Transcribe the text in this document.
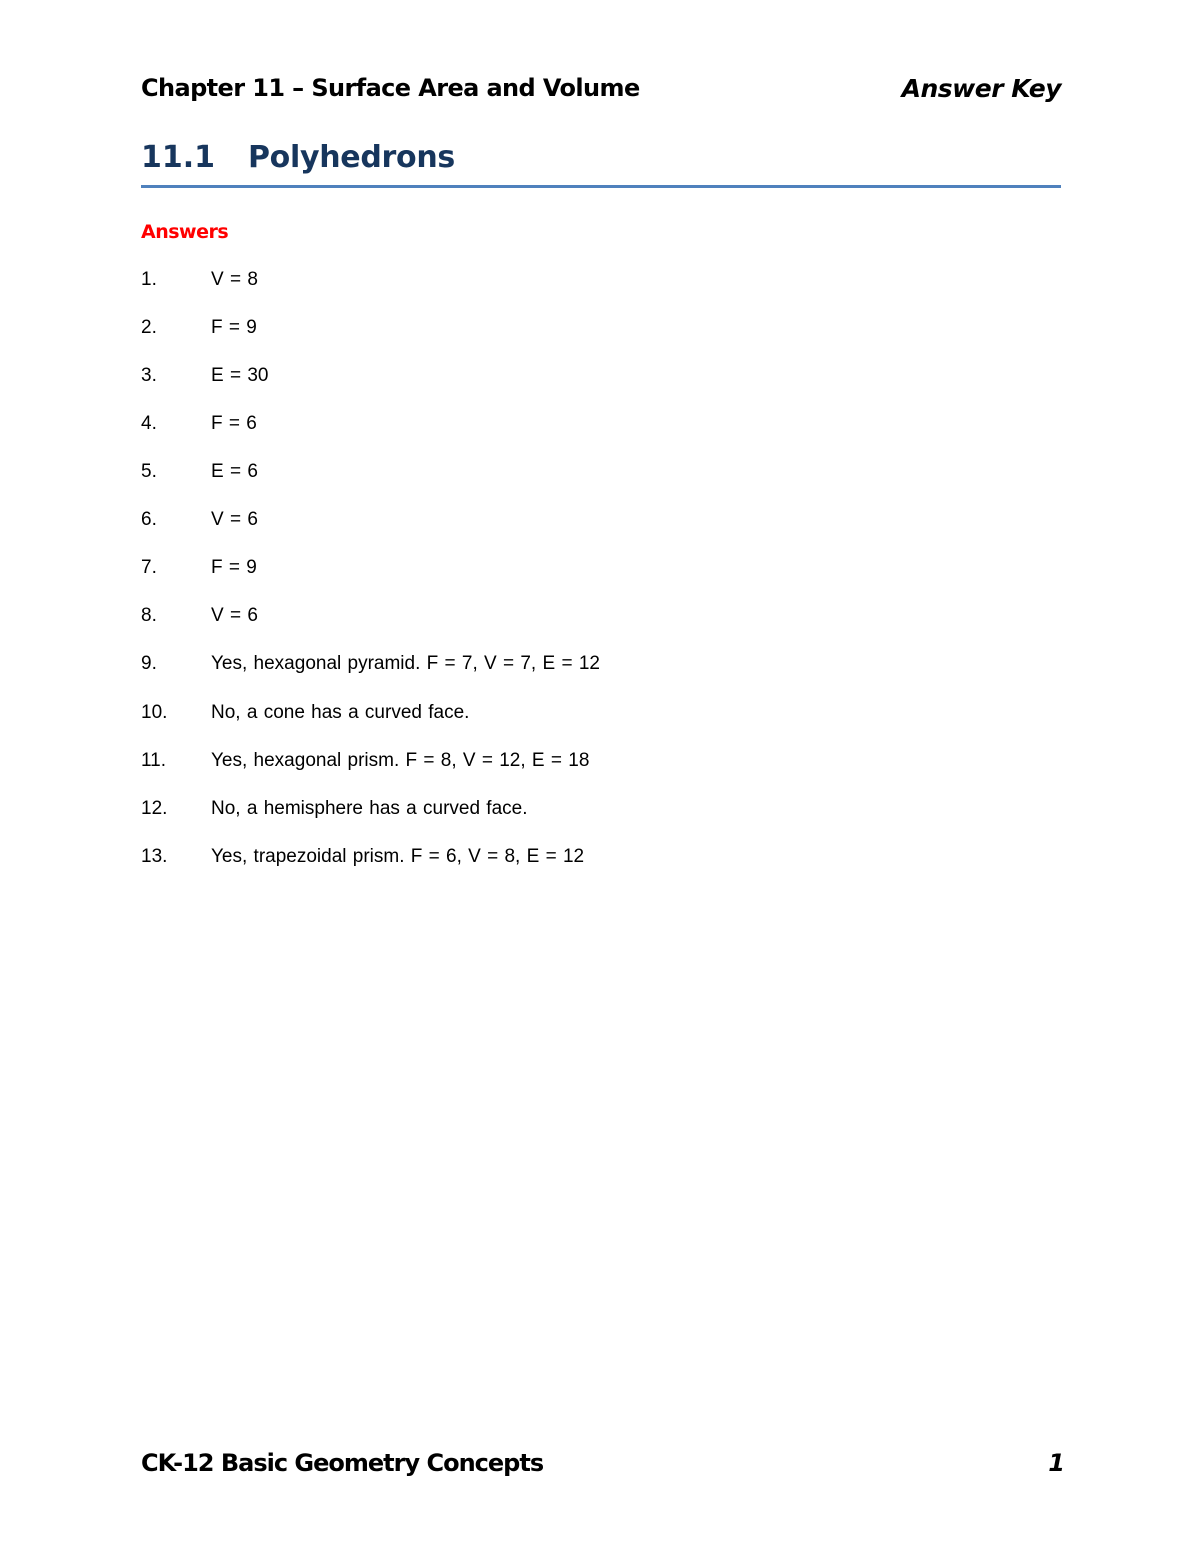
Chapter 11 – Surface Area and Volume	Answer Key
11.1 Polyhedrons
Answers
1.	V = 8
2.	F = 9
3.	E = 30
4.	F = 6
5.	E = 6
6.	V = 6
7.	F = 9
8.	V = 6
9.	Yes, hexagonal pyramid. F = 7, V = 7, E = 12
10. No, a cone has a curved face.
11. Yes, hexagonal prism. F = 8, V = 12, E = 18
12. No, a hemisphere has a curved face.
13. Yes, trapezoidal prism. F = 6, V = 8, E = 12
CK-12 Basic Geometry Concepts	1
